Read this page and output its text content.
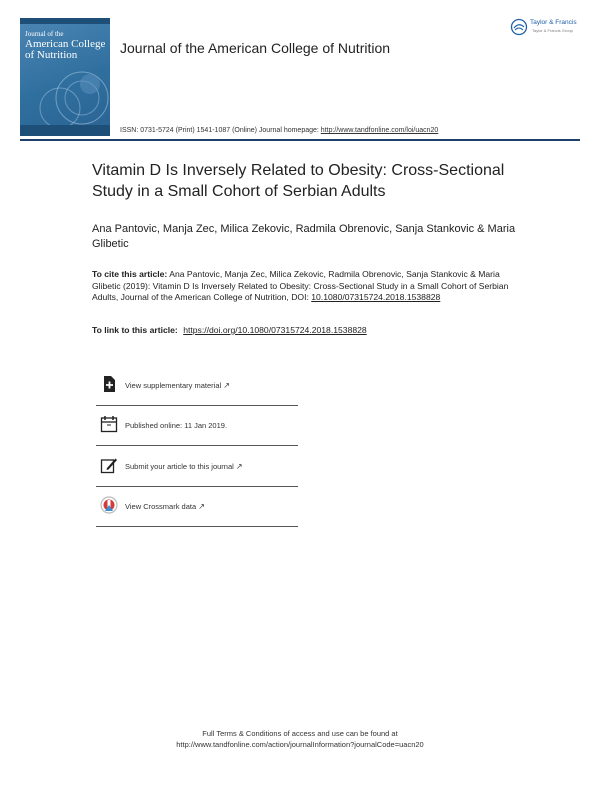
Journal of the
American College
of Nutrition	Journal of the American College of Nutrition
ISSN: 0731-5724 (Print) 1541-1087 (Online) Journal homepage: http://www.tandfonline.com/loi/uacn20
Taylor & Francis
Taylor & Francis Group
Vitamin D Is Inversely Related to Obesity: Cross-Sectional Study in a Small Cohort of Serbian Adults
Ana Pantovic, Manja Zec, Milica Zekovic, Radmila Obrenovic, Sanja Stankovic & Maria Glibetic
To cite this article: Ana Pantovic, Manja Zec, Milica Zekovic, Radmila Obrenovic, Sanja Stankovic & Maria Glibetic (2019): Vitamin D Is Inversely Related to Obesity: Cross-Sectional Study in a Small Cohort of Serbian Adults, Journal of the American College of Nutrition, DOI: 10.1080/07315724.2018.1538828
To link to this article: https://doi.org/10.1080/07315724.2018.1538828
View supplementary material ↗
Published online: 11 Jan 2019.
Submit your article to this journal ↗
View Crossmark data ↗
Full Terms & Conditions of access and use can be found at
http://www.tandfonline.com/action/journalInformation?journalCode=uacn20
